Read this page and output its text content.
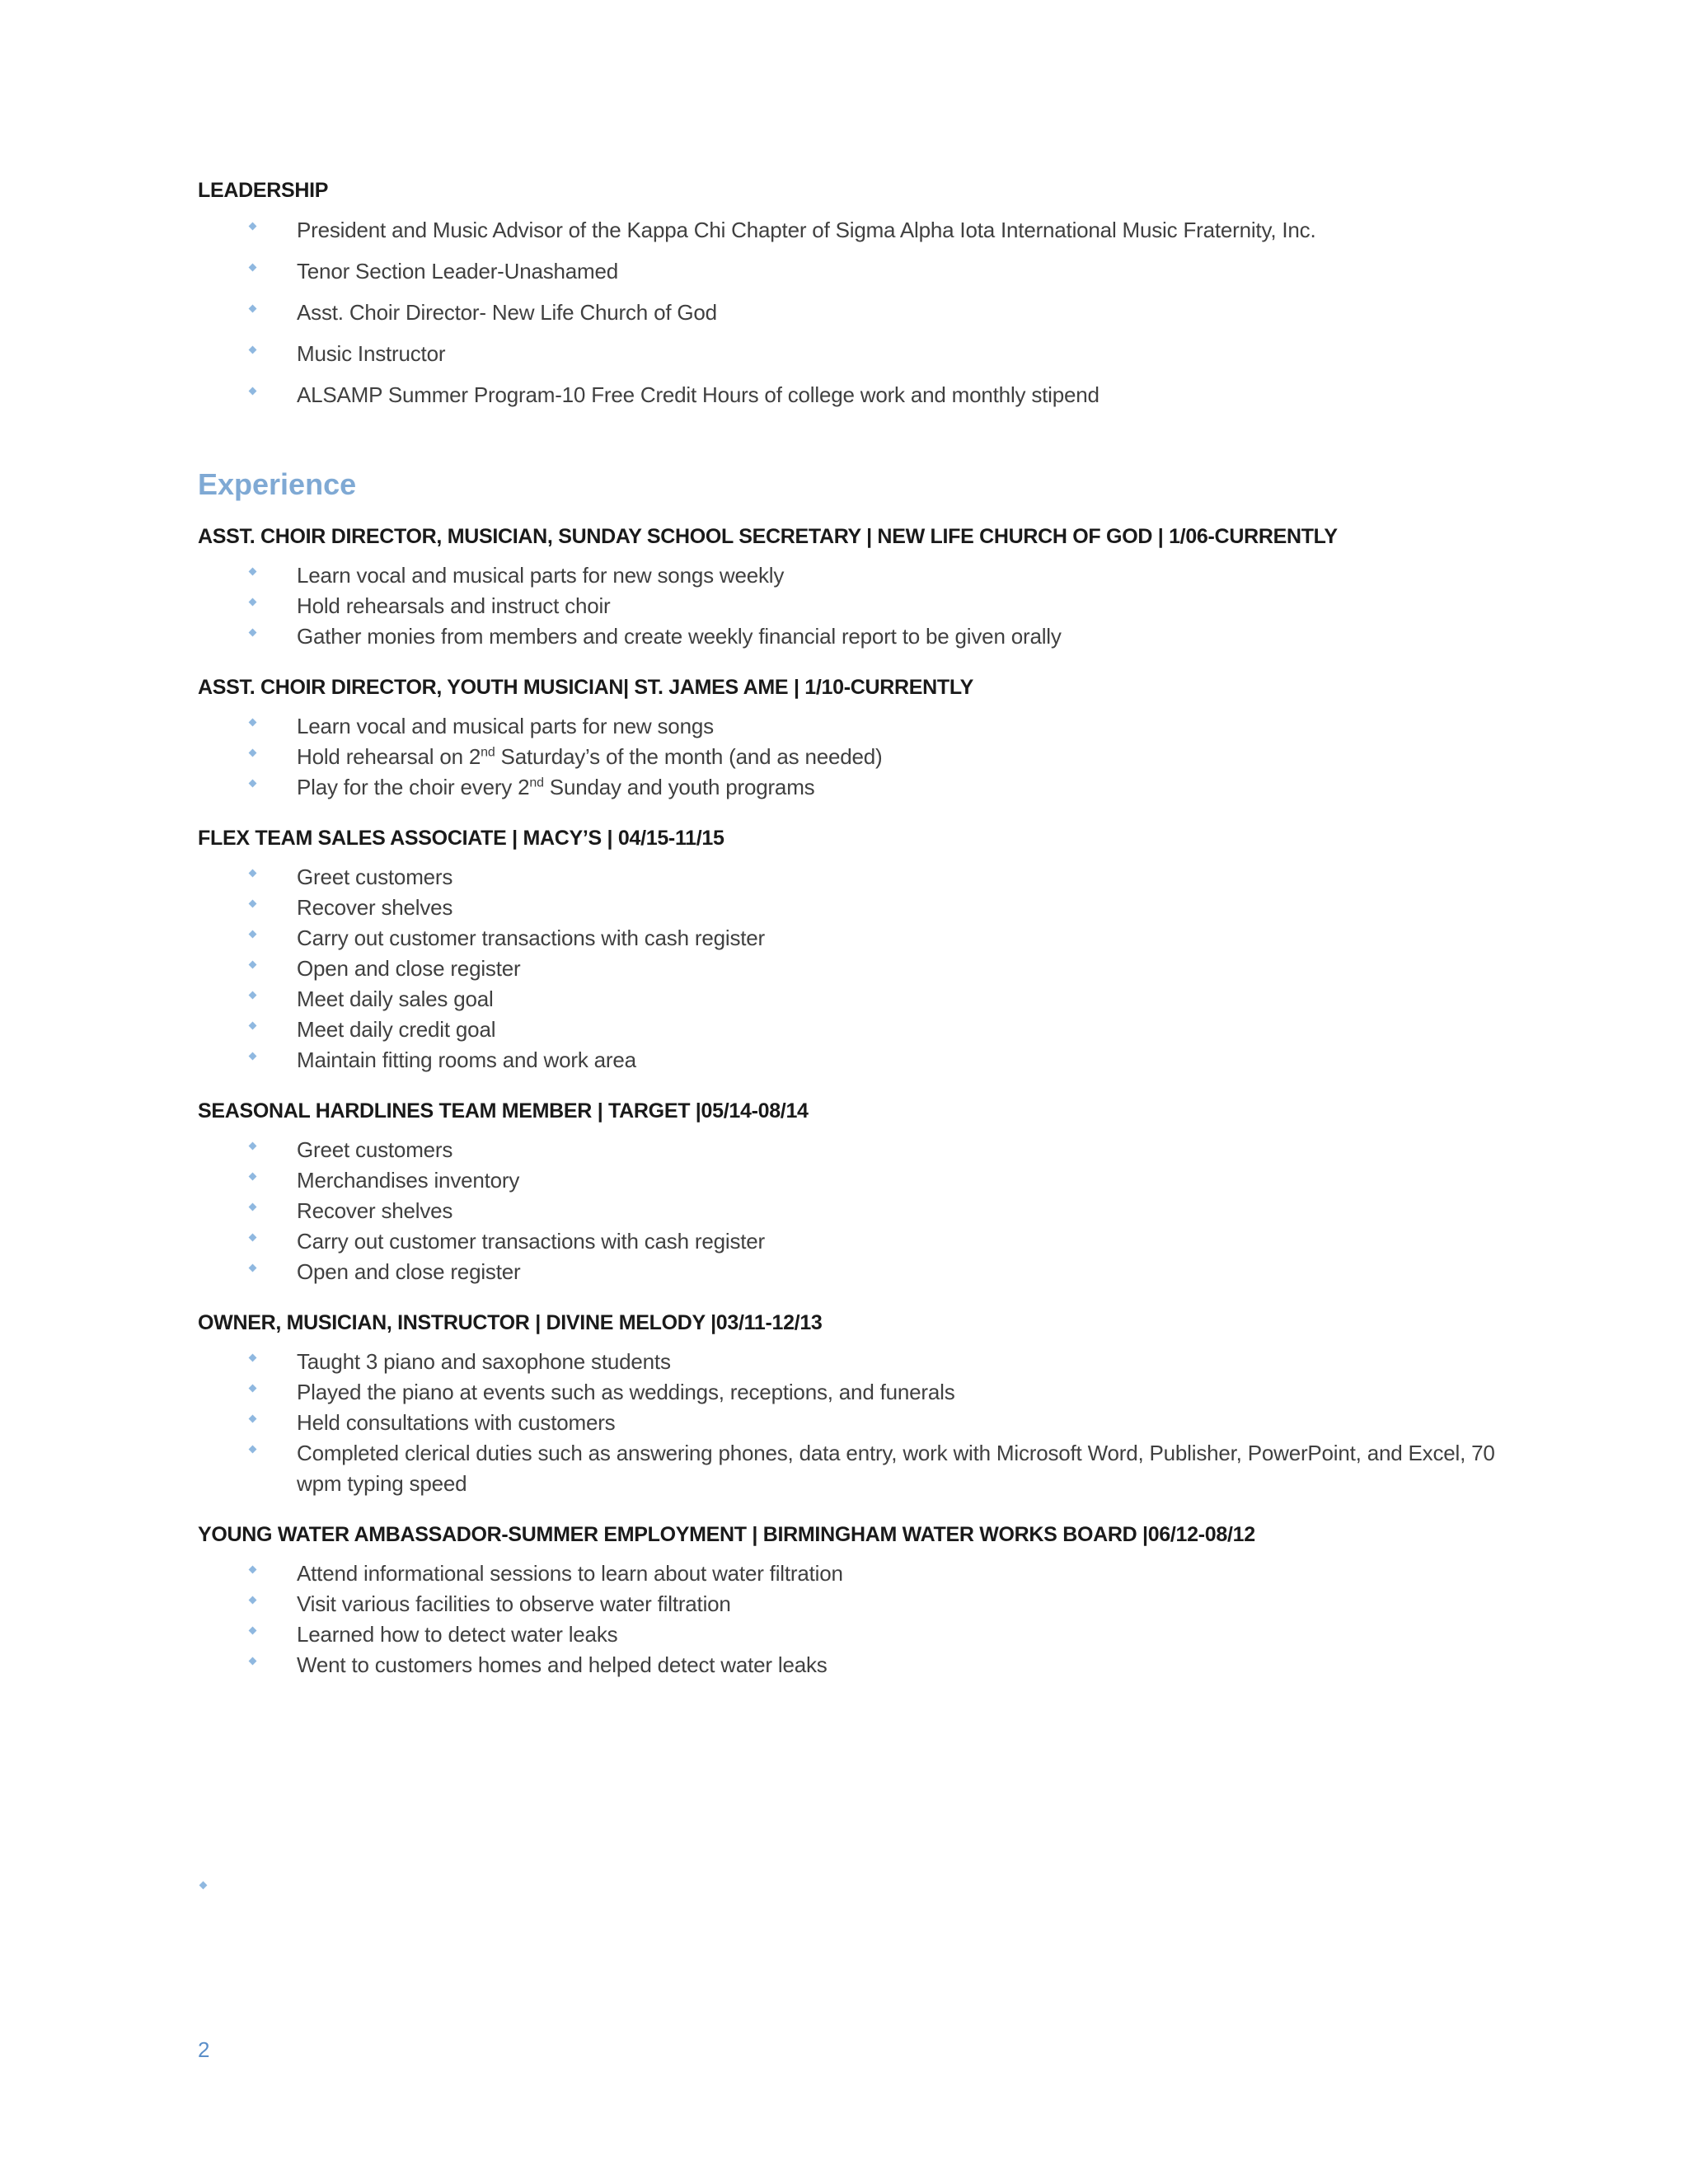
LEADERSHIP
President and Music Advisor of the Kappa Chi Chapter of Sigma Alpha Iota International Music Fraternity, Inc.
Tenor Section Leader-Unashamed
Asst. Choir Director- New Life Church of God
Music Instructor
ALSAMP Summer Program-10 Free Credit Hours of college work and monthly stipend
Experience
ASST. CHOIR DIRECTOR, MUSICIAN, SUNDAY SCHOOL SECRETARY | NEW LIFE CHURCH OF GOD | 1/06-CURRENTLY
Learn vocal and musical parts for new songs weekly
Hold rehearsals and instruct choir
Gather monies from members and create weekly financial report to be given orally
ASST. CHOIR DIRECTOR, YOUTH MUSICIAN| ST. JAMES AME | 1/10-CURRENTLY
Learn vocal and musical parts for new songs
Hold rehearsal on 2nd Saturday’s of the month (and as needed)
Play for the choir every 2nd Sunday and youth programs
FLEX TEAM SALES ASSOCIATE | MACY’S | 04/15-11/15
Greet customers
Recover shelves
Carry out customer transactions with cash register
Open and close register
Meet daily sales goal
Meet daily credit goal
Maintain fitting rooms and work area
SEASONAL HARDLINES TEAM MEMBER | TARGET |05/14-08/14
Greet customers
Merchandises inventory
Recover shelves
Carry out customer transactions with cash register
Open and close register
OWNER, MUSICIAN, INSTRUCTOR | DIVINE MELODY |03/11-12/13
Taught 3 piano and saxophone students
Played the piano at events such as weddings, receptions, and funerals
Held consultations with customers
Completed clerical duties such as answering phones, data entry, work with Microsoft Word, Publisher, PowerPoint, and Excel, 70 wpm typing speed
YOUNG WATER AMBASSADOR-SUMMER EMPLOYMENT | BIRMINGHAM WATER WORKS BOARD |06/12-08/12
Attend informational sessions to learn about water filtration
Visit various facilities to observe water filtration
Learned how to detect water leaks
Went to customers homes and helped detect water leaks
2
